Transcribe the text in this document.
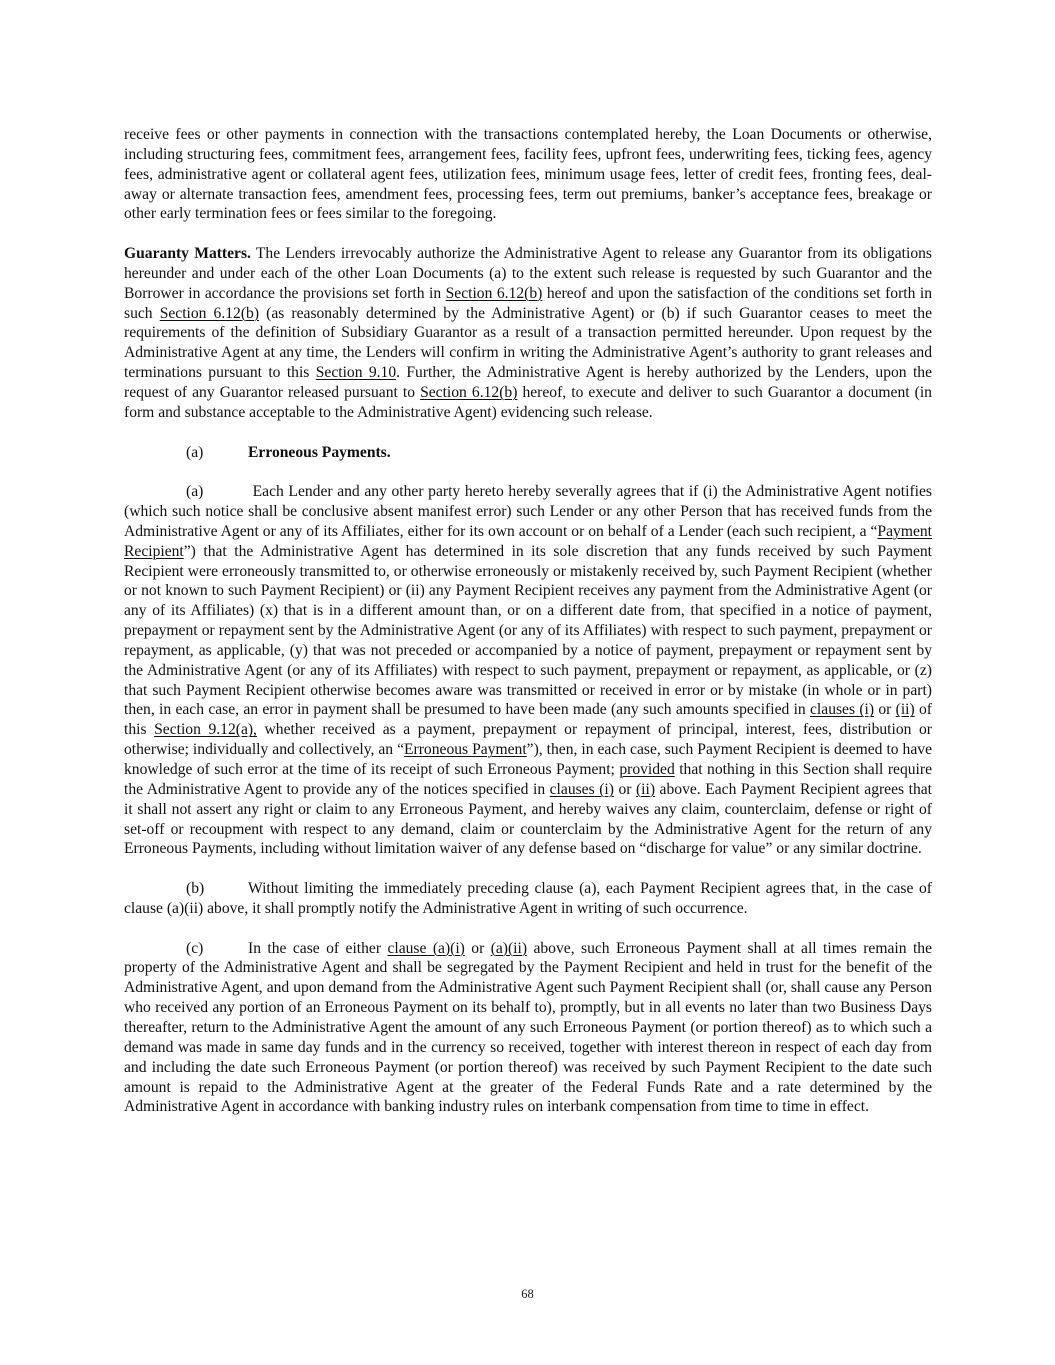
receive fees or other payments in connection with the transactions contemplated hereby, the Loan Documents or otherwise, including structuring fees, commitment fees, arrangement fees, facility fees, upfront fees, underwriting fees, ticking fees, agency fees, administrative agent or collateral agent fees, utilization fees, minimum usage fees, letter of credit fees, fronting fees, deal-away or alternate transaction fees, amendment fees, processing fees, term out premiums, banker’s acceptance fees, breakage or other early termination fees or fees similar to the foregoing.

Guaranty Matters. The Lenders irrevocably authorize the Administrative Agent to release any Guarantor from its obligations hereunder and under each of the other Loan Documents (a) to the extent such release is requested by such Guarantor and the Borrower in accordance the provisions set forth in Section 6.12(b) hereof and upon the satisfaction of the conditions set forth in such Section 6.12(b) (as reasonably determined by the Administrative Agent) or (b) if such Guarantor ceases to meet the requirements of the definition of Subsidiary Guarantor as a result of a transaction permitted hereunder. Upon request by the Administrative Agent at any time, the Lenders will confirm in writing the Administrative Agent’s authority to grant releases and terminations pursuant to this Section 9.10. Further, the Administrative Agent is hereby authorized by the Lenders, upon the request of any Guarantor released pursuant to Section 6.12(b) hereof, to execute and deliver to such Guarantor a document (in form and substance acceptable to the Administrative Agent) evidencing such release.

(a)	Erroneous Payments.

(a)	Each Lender and any other party hereto hereby severally agrees that if (i) the Administrative Agent notifies (which such notice shall be conclusive absent manifest error) such Lender or any other Person that has received funds from the Administrative Agent or any of its Affiliates, either for its own account or on behalf of a Lender (each such recipient, a “Payment Recipient”) that the Administrative Agent has determined in its sole discretion that any funds received by such Payment Recipient were erroneously transmitted to, or otherwise erroneously or mistakenly received by, such Payment Recipient (whether or not known to such Payment Recipient) or (ii) any Payment Recipient receives any payment from the Administrative Agent (or any of its Affiliates) (x) that is in a different amount than, or on a different date from, that specified in a notice of payment, prepayment or repayment sent by the Administrative Agent (or any of its Affiliates) with respect to such payment, prepayment or repayment, as applicable, (y) that was not preceded or accompanied by a notice of payment, prepayment or repayment sent by the Administrative Agent (or any of its Affiliates) with respect to such payment, prepayment or repayment, as applicable, or (z) that such Payment Recipient otherwise becomes aware was transmitted or received in error or by mistake (in whole or in part) then, in each case, an error in payment shall be presumed to have been made (any such amounts specified in clauses (i) or (ii) of this Section 9.12(a), whether received as a payment, prepayment or repayment of principal, interest, fees, distribution or otherwise; individually and collectively, an “Erroneous Payment”), then, in each case, such Payment Recipient is deemed to have knowledge of such error at the time of its receipt of such Erroneous Payment; provided that nothing in this Section shall require the Administrative Agent to provide any of the notices specified in clauses (i) or (ii) above. Each Payment Recipient agrees that it shall not assert any right or claim to any Erroneous Payment, and hereby waives any claim, counterclaim, defense or right of set-off or recoupment with respect to any demand, claim or counterclaim by the Administrative Agent for the return of any Erroneous Payments, including without limitation waiver of any defense based on “discharge for value” or any similar doctrine.

(b)	Without limiting the immediately preceding clause (a), each Payment Recipient agrees that, in the case of clause (a)(ii) above, it shall promptly notify the Administrative Agent in writing of such occurrence.

(c)	In the case of either clause (a)(i) or (a)(ii) above, such Erroneous Payment shall at all times remain the property of the Administrative Agent and shall be segregated by the Payment Recipient and held in trust for the benefit of the Administrative Agent, and upon demand from the Administrative Agent such Payment Recipient shall (or, shall cause any Person who received any portion of an Erroneous Payment on its behalf to), promptly, but in all events no later than two Business Days thereafter, return to the Administrative Agent the amount of any such Erroneous Payment (or portion thereof) as to which such a demand was made in same day funds and in the currency so received, together with interest thereon in respect of each day from and including the date such Erroneous Payment (or portion thereof) was received by such Payment Recipient to the date such amount is repaid to the Administrative Agent at the greater of the Federal Funds Rate and a rate determined by the Administrative Agent in accordance with banking industry rules on interbank compensation from time to time in effect.

68
